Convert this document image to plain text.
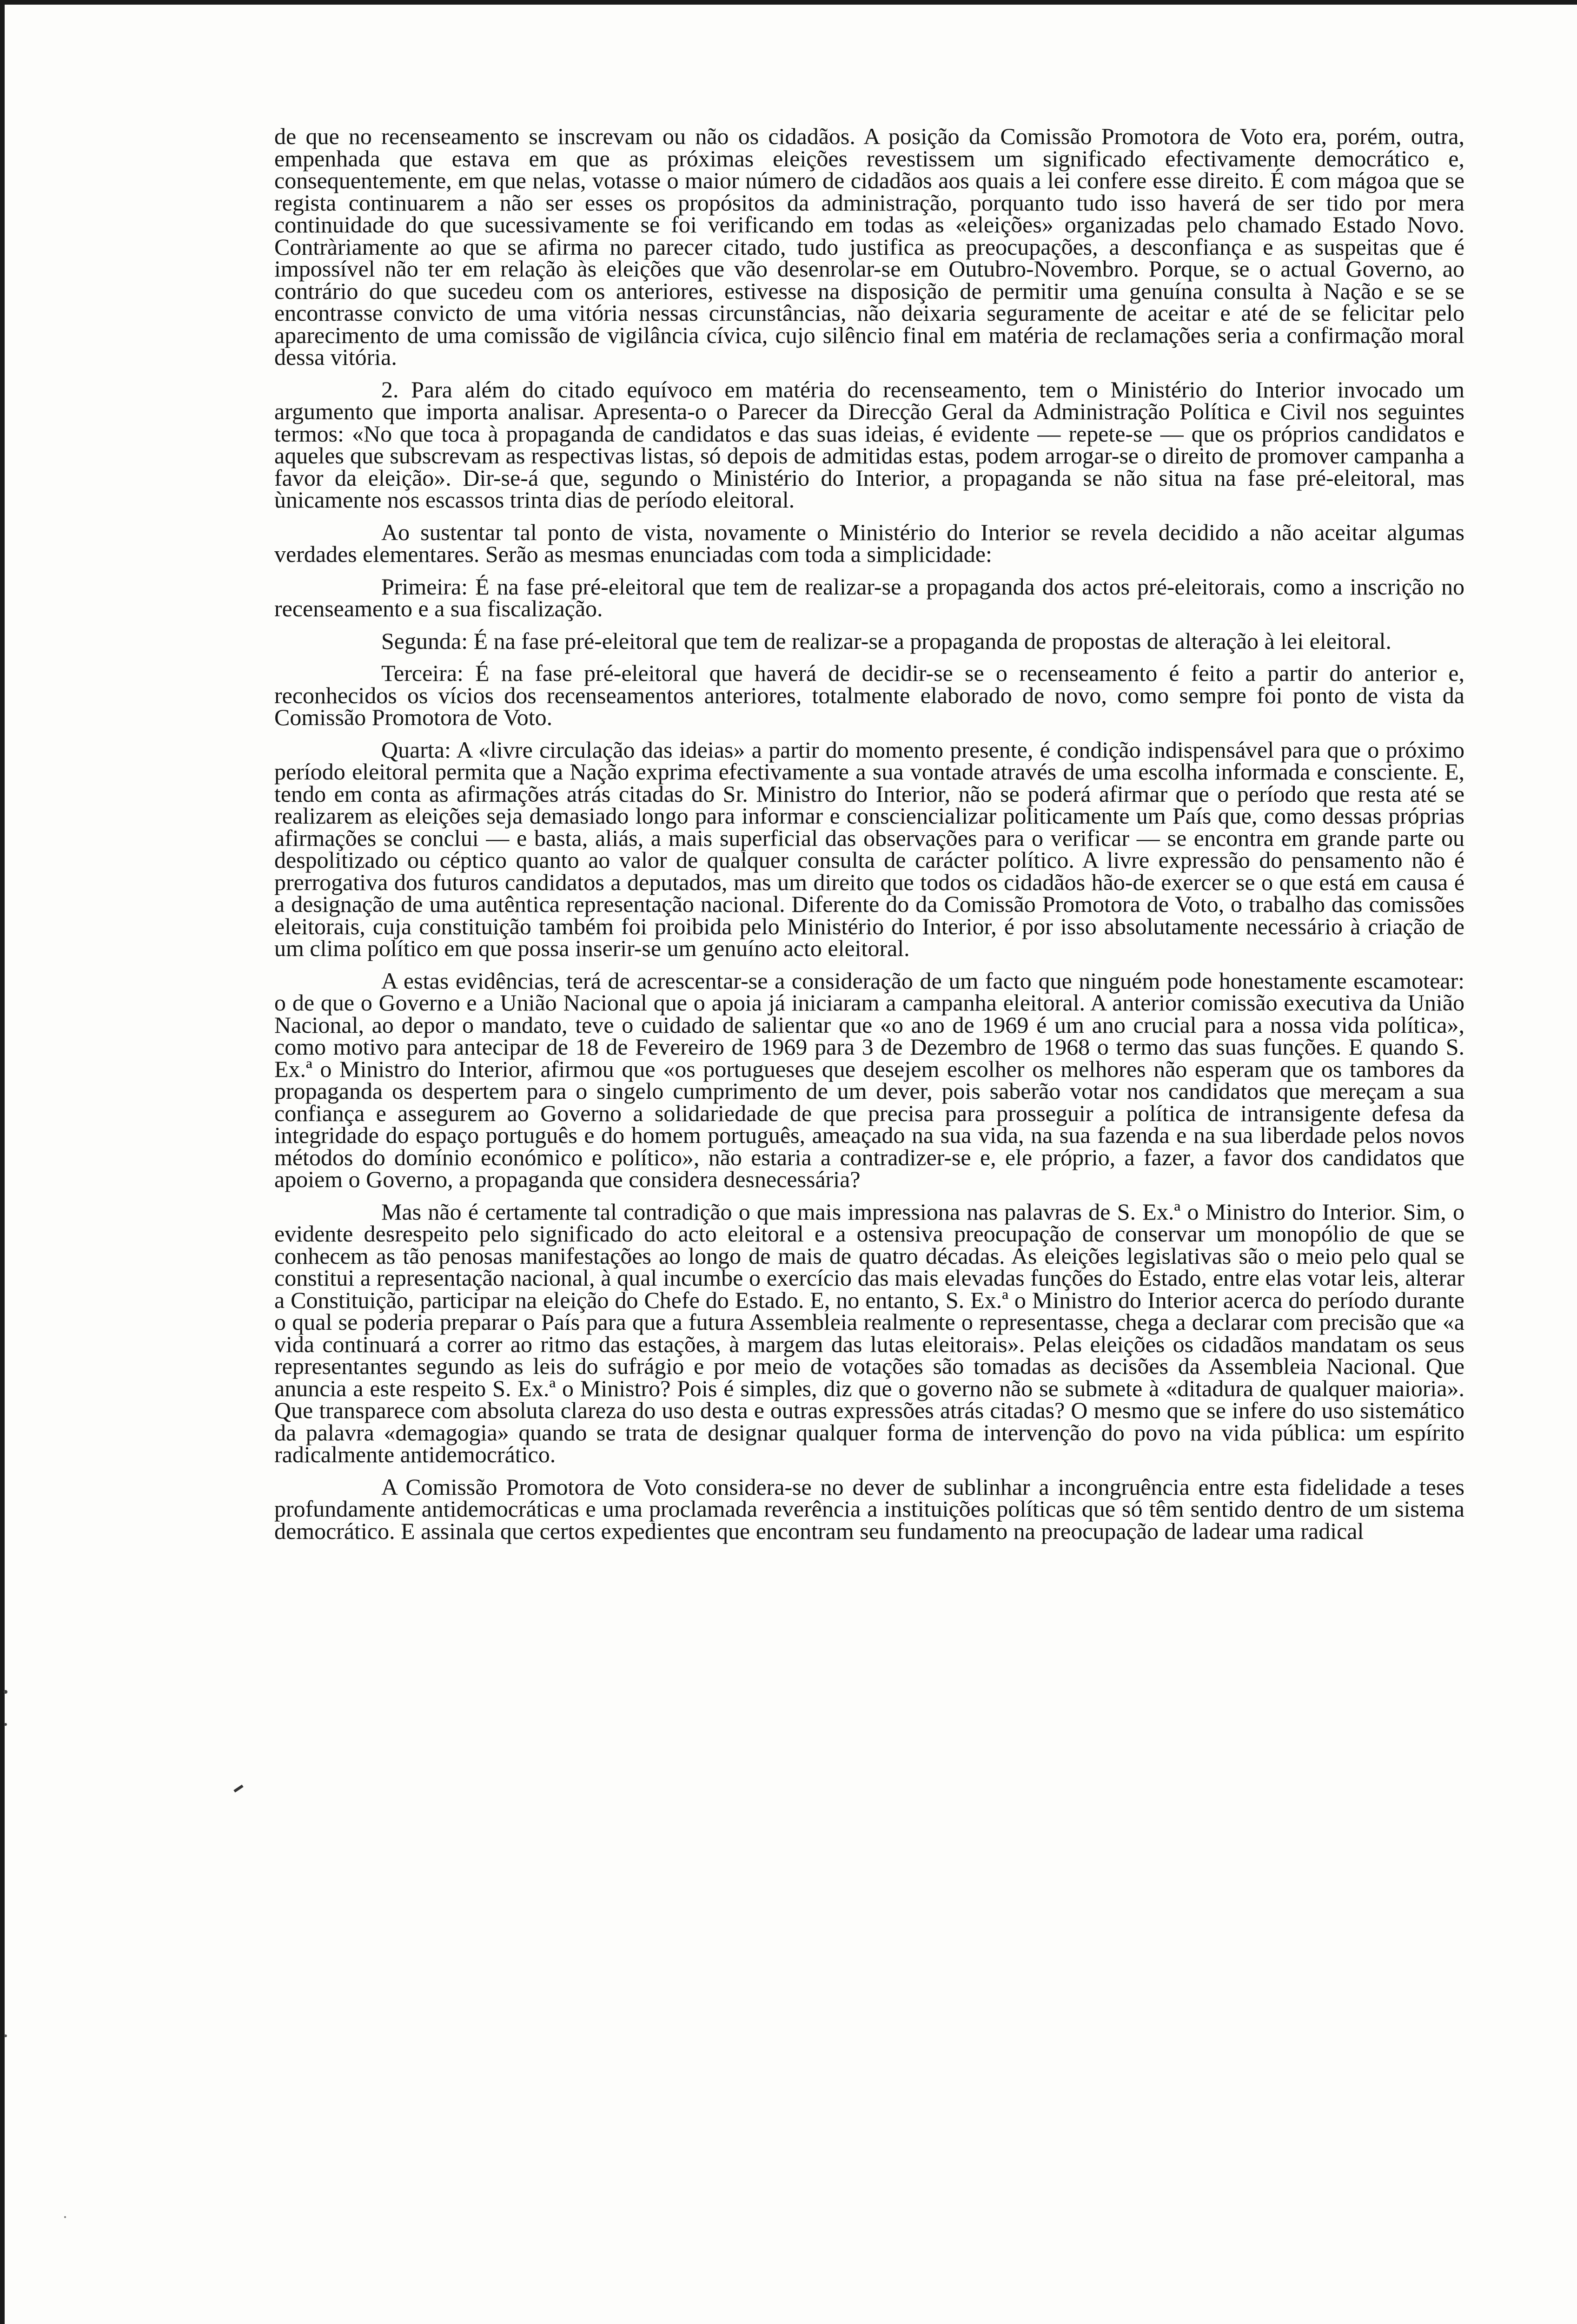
de que no recenseamento se inscrevam ou não os cidadãos. A posição da Comissão Promotora de Voto era, porém, outra, empenhada que estava em que as próximas eleições revestissem um significado efectivamente democrático e, consequentemente, em que nelas, votasse o maior número de cidadãos aos quais a lei confere esse direito. É com mágoa que se regista continuarem a não ser esses os propósitos da administração, porquanto tudo isso haverá de ser tido por mera continuidade do que sucessivamente se foi verificando em todas as «eleições» organizadas pelo chamado Estado Novo. Contràriamente ao que se afirma no parecer citado, tudo justifica as preocupações, a desconfiança e as suspeitas que é impossível não ter em relação às eleições que vão desenrolar-se em Outubro-Novembro. Porque, se o actual Governo, ao contrário do que sucedeu com os anteriores, estivesse na disposição de permitir uma genuína consulta à Nação e se se encontrasse convicto de uma vitória nessas circunstâncias, não deixaria seguramente de aceitar e até de se felicitar pelo aparecimento de uma comissão de vigilância cívica, cujo silêncio final em matéria de reclamações seria a confirmação moral dessa vitória.

2. Para além do citado equívoco em matéria do recenseamento, tem o Ministério do Interior invocado um argumento que importa analisar. Apresenta-o o Parecer da Direcção Geral da Administração Política e Civil nos seguintes termos: «No que toca à propaganda de candidatos e das suas ideias, é evidente — repete-se — que os próprios candidatos e aqueles que subscrevam as respectivas listas, só depois de admitidas estas, podem arrogar-se o direito de promover campanha a favor da eleição». Dir-se-á que, segundo o Ministério do Interior, a propaganda se não situa na fase pré-eleitoral, mas ùnicamente nos escassos trinta dias de período eleitoral.

Ao sustentar tal ponto de vista, novamente o Ministério do Interior se revela decidido a não aceitar algumas verdades elementares. Serão as mesmas enunciadas com toda a simplicidade:

Primeira: É na fase pré-eleitoral que tem de realizar-se a propaganda dos actos pré-eleitorais, como a inscrição no recenseamento e a sua fiscalização.

Segunda: É na fase pré-eleitoral que tem de realizar-se a propaganda de propostas de alteração à lei eleitoral.

Terceira: É na fase pré-eleitoral que haverá de decidir-se se o recenseamento é feito a partir do anterior e, reconhecidos os vícios dos recenseamentos anteriores, totalmente elaborado de novo, como sempre foi ponto de vista da Comissão Promotora de Voto.

Quarta: A «livre circulação das ideias» a partir do momento presente, é condição indispensável para que o próximo período eleitoral permita que a Nação exprima efectivamente a sua vontade através de uma escolha informada e consciente. E, tendo em conta as afirmações atrás citadas do Sr. Ministro do Interior, não se poderá afirmar que o período que resta até se realizarem as eleições seja demasiado longo para informar e consciencializar politicamente um País que, como dessas próprias afirmações se conclui — e basta, aliás, a mais superficial das observações para o verificar — se encontra em grande parte ou despolitizado ou céptico quanto ao valor de qualquer consulta de carácter político. A livre expressão do pensamento não é prerrogativa dos futuros candidatos a deputados, mas um direito que todos os cidadãos hão-de exercer se o que está em causa é a designação de uma autêntica representação nacional. Diferente do da Comissão Promotora de Voto, o trabalho das comissões eleitorais, cuja constituição também foi proibida pelo Ministério do Interior, é por isso absolutamente necessário à criação de um clima político em que possa inserir-se um genuíno acto eleitoral.

A estas evidências, terá de acrescentar-se a consideração de um facto que ninguém pode honestamente escamotear: o de que o Governo e a União Nacional que o apoia já iniciaram a campanha eleitoral. A anterior comissão executiva da União Nacional, ao depor o mandato, teve o cuidado de salientar que «o ano de 1969 é um ano crucial para a nossa vida política», como motivo para antecipar de 18 de Fevereiro de 1969 para 3 de Dezembro de 1968 o termo das suas funções. E quando S. Ex.ª o Ministro do Interior, afirmou que «os portugueses que desejem escolher os melhores não esperam que os tambores da propaganda os despertem para o singelo cumprimento de um dever, pois saberão votar nos candidatos que mereçam a sua confiança e assegurem ao Governo a solidariedade de que precisa para prosseguir a política de intransigente defesa da integridade do espaço português e do homem português, ameaçado na sua vida, na sua fazenda e na sua liberdade pelos novos métodos do domínio económico e político», não estaria a contradizer-se e, ele próprio, a fazer, a favor dos candidatos que apoiem o Governo, a propaganda que considera desnecessária?

Mas não é certamente tal contradição o que mais impressiona nas palavras de S. Ex.ª o Ministro do Interior. Sim, o evidente desrespeito pelo significado do acto eleitoral e a ostensiva preocupação de conservar um monopólio de que se conhecem as tão penosas manifestações ao longo de mais de quatro décadas. As eleições legislativas são o meio pelo qual se constitui a representação nacional, à qual incumbe o exercício das mais elevadas funções do Estado, entre elas votar leis, alterar a Constituição, participar na eleição do Chefe do Estado. E, no entanto, S. Ex.ª o Ministro do Interior acerca do período durante o qual se poderia preparar o País para que a futura Assembleia realmente o representasse, chega a declarar com precisão que «a vida continuará a correr ao ritmo das estações, à margem das lutas eleitorais». Pelas eleições os cidadãos mandatam os seus representantes segundo as leis do sufrágio e por meio de votações são tomadas as decisões da Assembleia Nacional. Que anuncia a este respeito S. Ex.ª o Ministro? Pois é simples, diz que o governo não se submete à «ditadura de qualquer maioria». Que transparece com absoluta clareza do uso desta e outras expressões atrás citadas? O mesmo que se infere do uso sistemático da palavra «demagogia» quando se trata de designar qualquer forma de intervenção do povo na vida pública: um espírito radicalmente antidemocrático.

A Comissão Promotora de Voto considera-se no dever de sublinhar a incongruência entre esta fidelidade a teses profundamente antidemocráticas e uma proclamada reverência a instituições políticas que só têm sentido dentro de um sistema democrático. E assinala que certos expedientes que encontram seu fundamento na preocupação de ladear uma radical
